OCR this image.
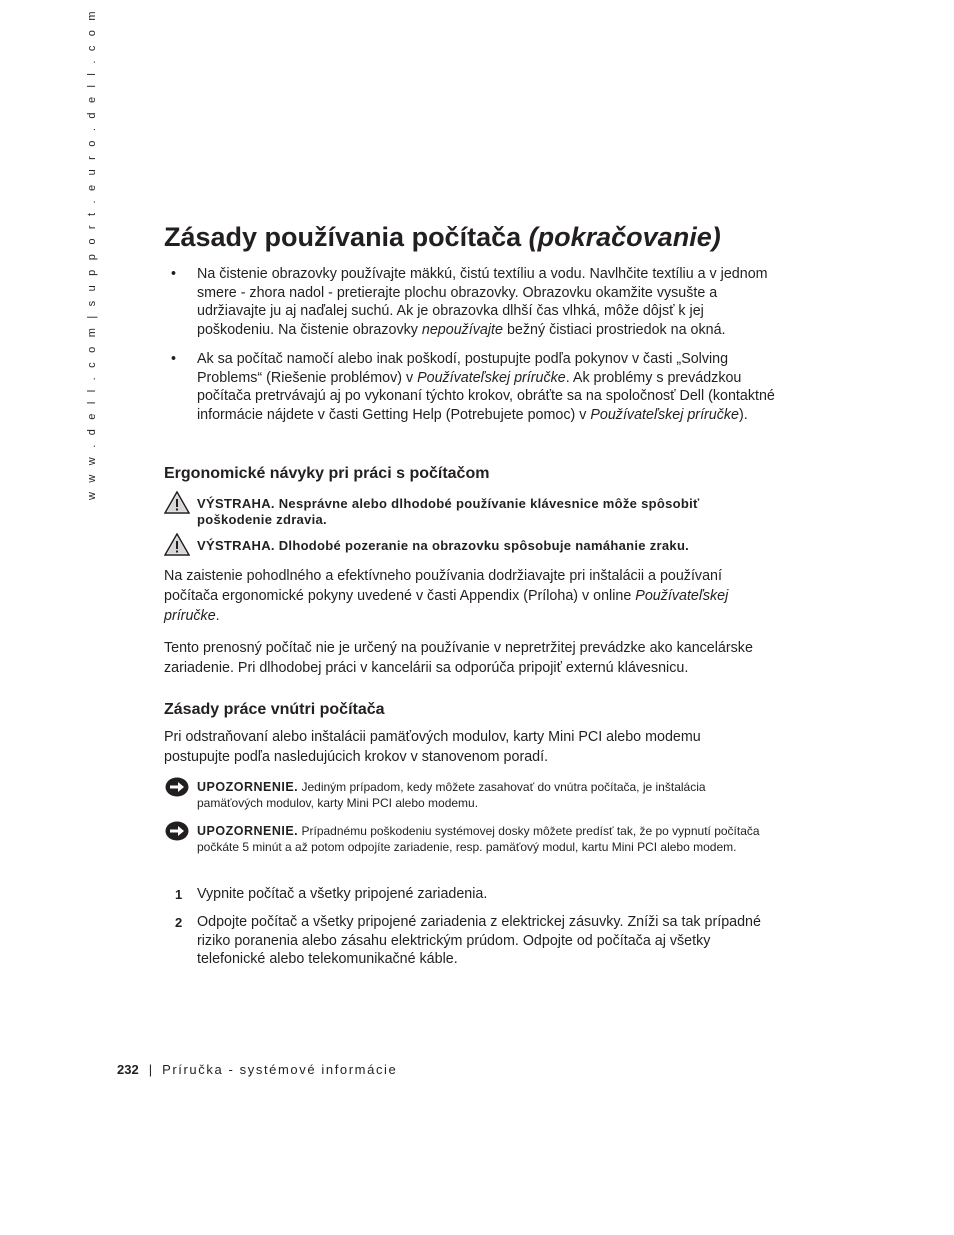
w w w . d e l l . c o m | s u p p o r t . e u r o . d e l l . c o m Zásady používania počítača (pokračovanie)
• Na čistenie obrazovky používajte mäkkú, čistú textíliu a vodu. Navlhčite textíliu a v jednom smere - zhora nadol - pretierajte plochu obrazovky. Obrazovku okamžite vysušte a udržiavajte ju aj naďalej suchú. Ak je obrazovka dlhší čas vlhká, môže dôjsť k jej poškodeniu. Na čistenie obrazovky nepoužívajte bežný čistiaci prostriedok na okná.
• Ak sa počítač namočí alebo inak poškodí, postupujte podľa pokynov v časti „Solving Problems“ (Riešenie problémov) v Používateľskej príručke. Ak problémy s prevádzkou počítača pretrvávajú aj po vykonaní týchto krokov, obráťte sa na spoločnosť Dell (kontaktné informácie nájdete v časti Getting Help (Potrebujete pomoc) v Používateľskej príručke).
Ergonomické návyky pri práci s počítačom
VÝSTRAHA. Nesprávne alebo dlhodobé používanie klávesnice môže spôsobiť poškodenie zdravia.
VÝSTRAHA. Dlhodobé pozeranie na obrazovku spôsobuje namáhanie zraku.
Na zaistenie pohodlného a efektívneho používania dodržiavajte pri inštalácii a používaní počítača ergonomické pokyny uvedené v časti Appendix (Príloha) v online Používateľskej príručke.
Tento prenosný počítač nie je určený na používanie v nepretržitej prevádzke ako kancelárske zariadenie. Pri dlhodobej práci v kancelárii sa odporúča pripojiť externú klávesnicu.
Zásady práce vnútri počítača
Pri odstraňovaní alebo inštalácii pamäťových modulov, karty Mini PCI alebo modemu postupujte podľa nasledujúcich krokov v stanovenom poradí.
UPOZORNENIE. Jediným prípadom, kedy môžete zasahovať do vnútra počítača, je inštalácia pamäťových modulov, karty Mini PCI alebo modemu.
UPOZORNENIE. Prípadnému poškodeniu systémovej dosky môžete predísť tak, že po vypnutí počítača počkáte 5 minút a až potom odpojíte zariadenie, resp. pamäťový modul, kartu Mini PCI alebo modem.
1 Vypnite počítač a všetky pripojené zariadenia.
2 Odpojte počítač a všetky pripojené zariadenia z elektrickej zásuvky. Zníži sa tak prípadné riziko poranenia alebo zásahu elektrickým prúdom. Odpojte od počítača aj všetky telefonické alebo telekomunikačné káble.
232 | Príručka - systémové informácie
